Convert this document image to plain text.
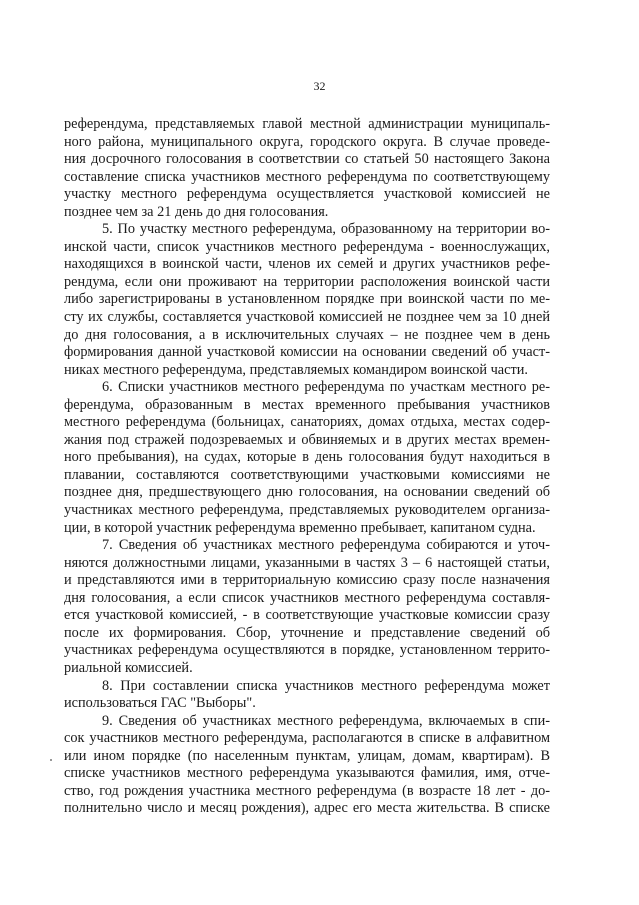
32
референдума, представляемых главой местной администрации муниципаль-
ного района, муниципального округа, городского округа. В случае проведе-
ния досрочного голосования в соответствии со статьей 50 настоящего Закона
составление списка участников местного референдума по соответствующему
участку местного референдума осуществляется участковой комиссией не
позднее чем за 21 день до дня голосования.
5. По участку местного референдума, образованному на территории во-
инской части, список участников местного референдума - военнослужащих,
находящихся в воинской части, членов их семей и других участников рефе-
рендума, если они проживают на территории расположения воинской части
либо зарегистрированы в установленном порядке при воинской части по ме-
сту их службы, составляется участковой комиссией не позднее чем за 10 дней
до дня голосования, а в исключительных случаях – не позднее чем в день
формирования данной участковой комиссии на основании сведений об участ-
никах местного референдума, представляемых командиром воинской части.
6. Списки участников местного референдума по участкам местного ре-
ферендума, образованным в местах временного пребывания участников
местного референдума (больницах, санаториях, домах отдыха, местах содер-
жания под стражей подозреваемых и обвиняемых и в других местах времен-
ного пребывания), на судах, которые в день голосования будут находиться в
плавании, составляются соответствующими участковыми комиссиями не
позднее дня, предшествующего дню голосования, на основании сведений об
участниках местного референдума, представляемых руководителем организа-
ции, в которой участник референдума временно пребывает, капитаном судна.
7. Сведения об участниках местного референдума собираются и уточ-
няются должностными лицами, указанными в частях 3 – 6 настоящей статьи,
и представляются ими в территориальную комиссию сразу после назначения
дня голосования, а если список участников местного референдума составля-
ется участковой комиссией, - в соответствующие участковые комиссии сразу
после их формирования. Сбор, уточнение и представление сведений об
участниках референдума осуществляются в порядке, установленном террито-
риальной комиссией.
8. При составлении списка участников местного референдума может
использоваться ГАС "Выборы".
9. Сведения об участниках местного референдума, включаемых в спи-
сок участников местного референдума, располагаются в списке в алфавитном
или ином порядке (по населенным пунктам, улицам, домам, квартирам). В
списке участников местного референдума указываются фамилия, имя, отче-
ство, год рождения участника местного референдума (в возрасте 18 лет - до-
полнительно число и месяц рождения), адрес его места жительства. В списке
